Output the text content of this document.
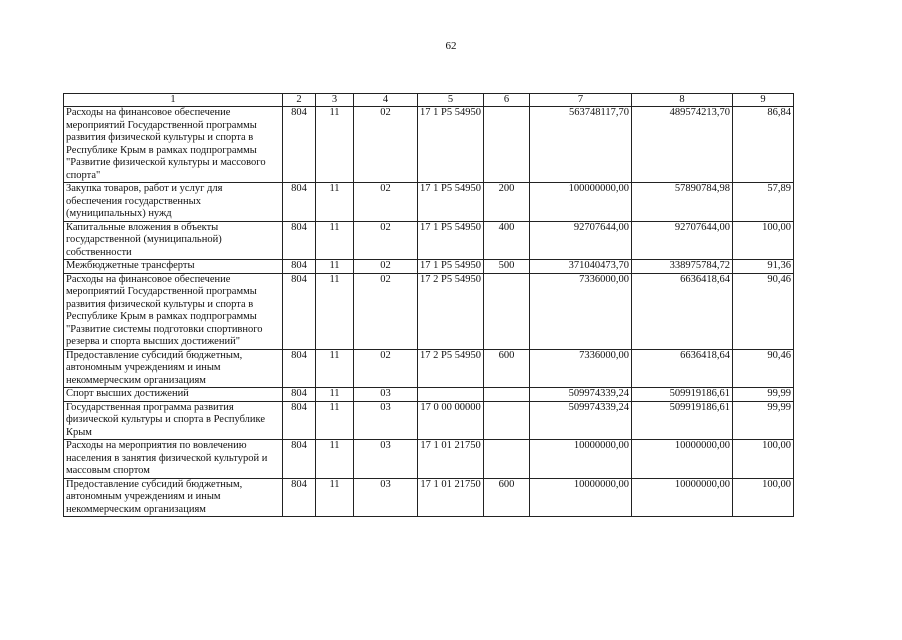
62
1	2	3	4	5	6	7	8	9
Расходы на финансовое обеспечение мероприятий Государственной программы развития физической культуры и спорта в Республике Крым в рамках подпрограммы "Развитие физической культуры и массового спорта"	804	11	02	17 1 P5 54950		563748117,70	489574213,70	86,84
Закупка товаров, работ и услуг для обеспечения государственных (муниципальных) нужд	804	11	02	17 1 P5 54950	200	100000000,00	57890784,98	57,89
Капитальные вложения в объекты государственной (муниципальной) собственности	804	11	02	17 1 P5 54950	400	92707644,00	92707644,00	100,00
Межбюджетные трансферты	804	11	02	17 1 P5 54950	500	371040473,70	338975784,72	91,36
Расходы на финансовое обеспечение мероприятий Государственной программы развития физической культуры и спорта в Республике Крым в рамках подпрограммы "Развитие системы подготовки спортивного резерва и спорта высших достижений"	804	11	02	17 2 P5 54950		7336000,00	6636418,64	90,46
Предоставление субсидий бюджетным, автономным учреждениям и иным некоммерческим организациям	804	11	02	17 2 P5 54950	600	7336000,00	6636418,64	90,46
Спорт высших достижений	804	11	03			509974339,24	509919186,61	99,99
Государственная программа развития физической культуры и спорта в Республике Крым	804	11	03	17 0 00 00000		509974339,24	509919186,61	99,99
Расходы на мероприятия по вовлечению населения в занятия физической культурой и массовым спортом	804	11	03	17 1 01 21750		10000000,00	10000000,00	100,00
Предоставление субсидий бюджетным, автономным учреждениям и иным некоммерческим организациям	804	11	03	17 1 01 21750	600	10000000,00	10000000,00	100,00
